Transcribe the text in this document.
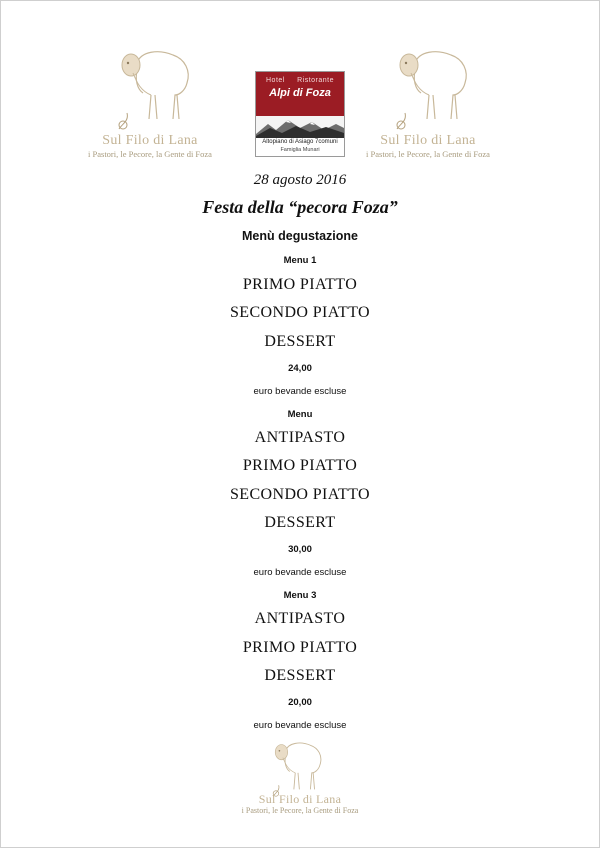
Sul Filo di Lana
i Pastori, le Pecore, la Gente di Foza
Hotel Ristorante
Alpi di Foza
Altopiano di Asiago 7comuni
Famiglia Munari
Sul Filo di Lana
i Pastori, le Pecore, la Gente di Foza
28 agosto 2016
Festa della “pecora Foza”
Menù degustazione
Menu 1
PRIMO PIATTO
SECONDO PIATTO
DESSERT
24,00
euro bevande escluse
Menu
ANTIPASTO
PRIMO PIATTO
SECONDO PIATTO
DESSERT
30,00
euro bevande escluse
Menu 3
ANTIPASTO
PRIMO PIATTO
DESSERT
20,00
euro bevande escluse
Sul Filo di Lana
i Pastori, le Pecore, la Gente di Foza
